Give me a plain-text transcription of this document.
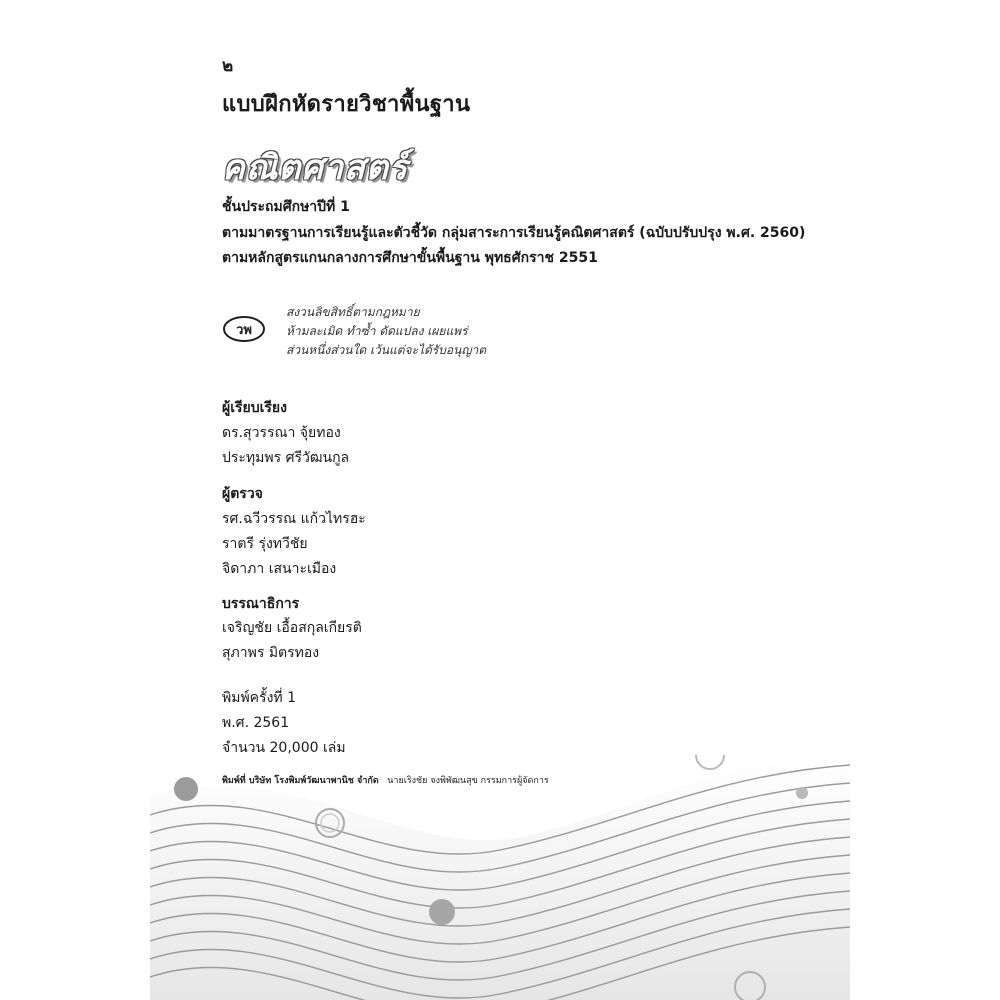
๒
แบบฝึกหัดรายวิชาพื้นฐาน
คณิตศาสตร์
ชั้นประถมศึกษาปีที่ 1
ตามมาตรฐานการเรียนรู้และตัวชี้วัด กลุ่มสาระการเรียนรู้คณิตศาสตร์ (ฉบับปรับปรุง พ.ศ. 2560)
ตามหลักสูตรแกนกลางการศึกษาขั้นพื้นฐาน พุทธศักราช 2551
วพ
สงวนลิขสิทธิ์ตามกฎหมาย
ห้ามละเมิด ทำซ้ำ ดัดแปลง เผยแพร่
ส่วนหนึ่งส่วนใด เว้นแต่จะได้รับอนุญาต
ผู้เรียบเรียง
ดร.สุวรรณา จุ้ยทอง
ประทุมพร ศรีวัฒนกูล
ผู้ตรวจ
รศ.ฉวีวรรณ แก้วไทรฮะ
ราตรี รุ่งทวีชัย
จิดาภา เสนาะเมือง
บรรณาธิการ
เจริญชัย เอื้อสกุลเกียรติ
สุภาพร มิตรทอง
พิมพ์ครั้งที่ 1
พ.ศ. 2561
จำนวน 20,000 เล่ม
พิมพ์ที่ บริษัท โรงพิมพ์วัฒนาพานิช จำกัด นายเริงชัย จงพิพัฒนสุข กรรมการผู้จัดการ
